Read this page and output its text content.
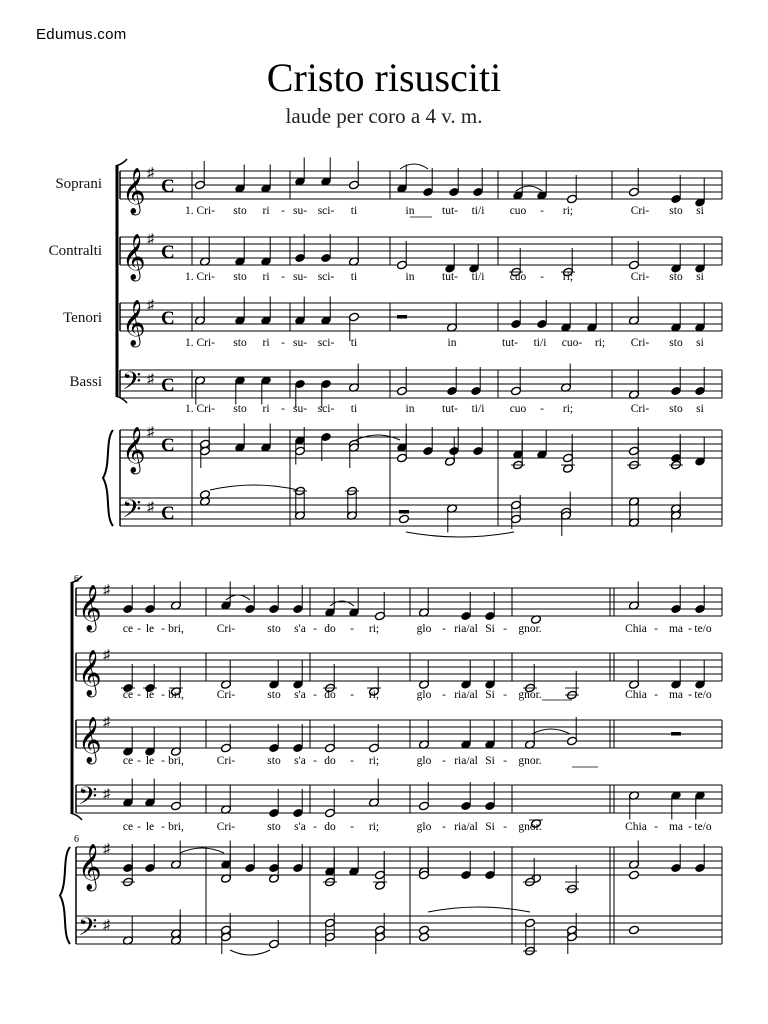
Edumus.com
Cristo risusciti
laude per coro a 4 v. m.
Soprani
Contralti
Tenori
Bassi
6
6
𝄞 ♯
C
𝄞 ♯
C
𝄞 ♯
C
𝄢 ♯ C
𝄞 ♯
C
𝄢 ♯ C
1. Cri- sto ri - su- sci- ti	in tut- ti/i cuo - ri;	Cri- sto si
1. Cri- sto ri - su- sci- ti	in tut- ti/i cuo - ri;	Cri- sto si
1. Cri- sto ri - su- sci- ti	in	tut- ti/i cuo- ri; Cri- sto si
1. Cri- sto ri - su- sci- ti	in tut- ti/i cuo - ri;	Cri- sto si
𝄞 ♯
𝄞 ♯
𝄞 ♯
𝄢 ♯
𝄞 ♯
𝄢 ♯
ce - le - bri,	Cri-	sto s'a - do - ri;	glo - ria/al Si - gnor.	Chia - ma - te/o
ce - le - bri,	Cri-	sto s'a - do - ri;	glo - ria/al Si - gnor.	Chia - ma - te/o
ce - le - bri,	Cri-	sto s'a - do - ri;	glo - ria/al Si - gnor.
ce - le - bri,	Cri-	sto s'a - do - ri;	glo - ria/al Si - gnor.	Chia - ma - te/o
